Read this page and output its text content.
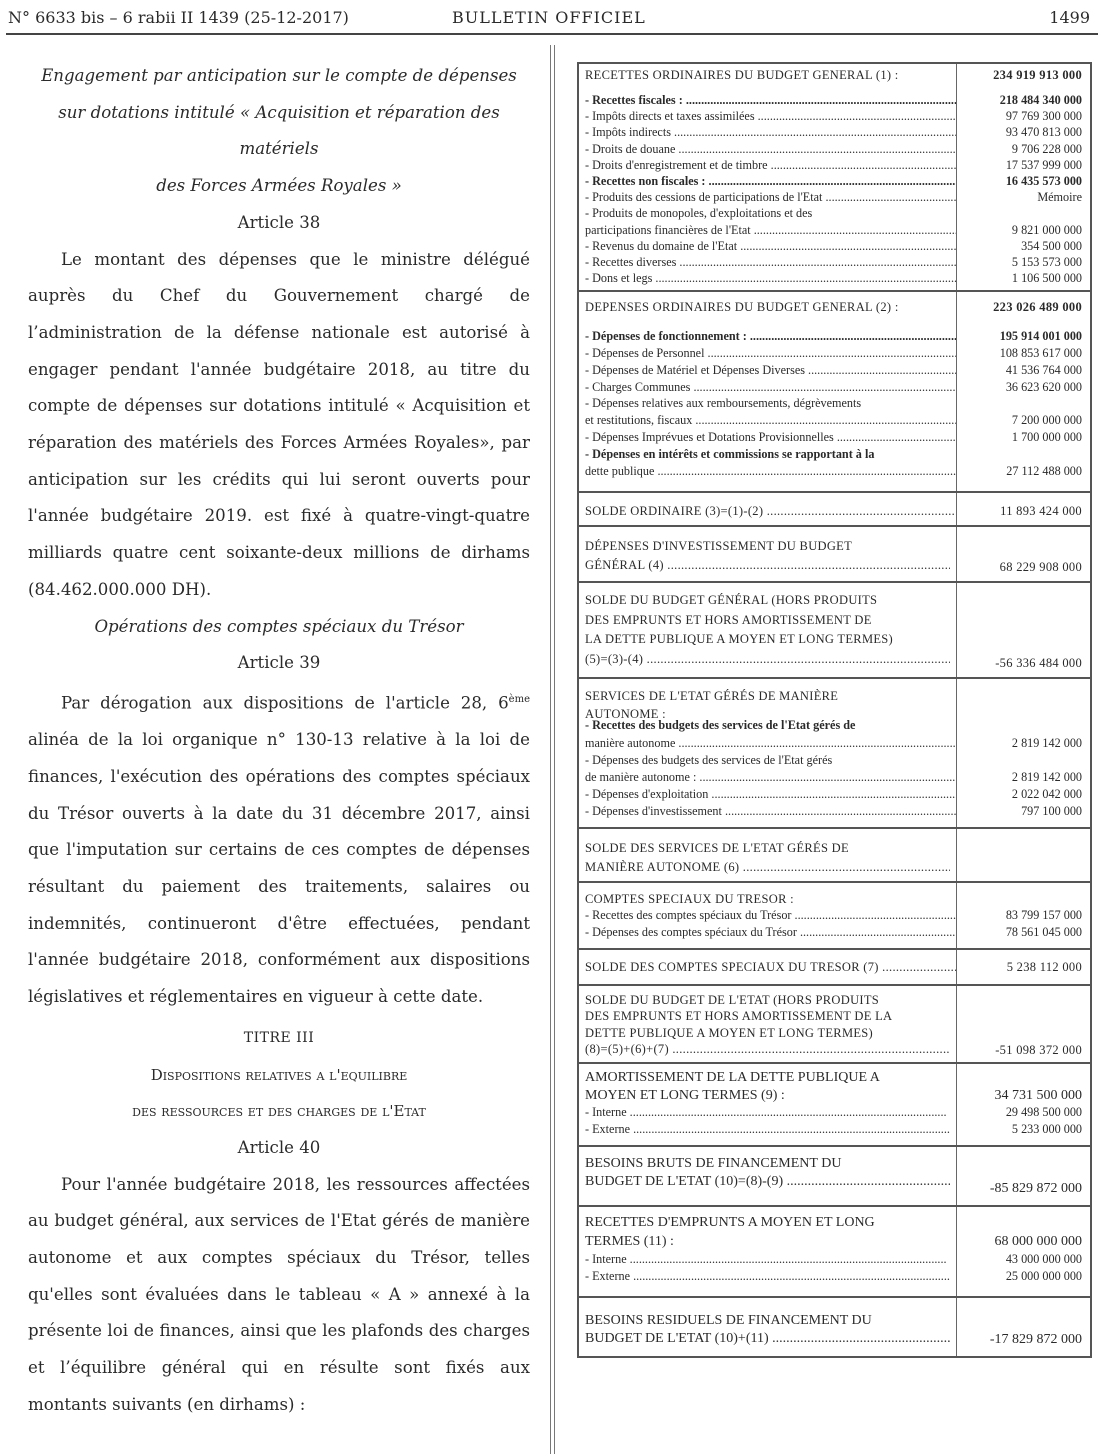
N° 6633 bis – 6 rabii II 1439 (25-12-2017)	BULLETIN OFFICIEL	1499

Engagement par anticipation sur le compte de dépenses

sur dotations intitulé « Acquisition et réparation des matériels

des Forces Armées Royales »

Article 38

Le montant des dépenses que le ministre délégué auprès du Chef du Gouvernement chargé de l’administration de la défense nationale est autorisé à engager pendant l'année budgétaire 2018, au titre du compte de dépenses sur dotations intitulé « Acquisition et réparation des matériels des Forces Armées Royales», par anticipation sur les crédits qui lui seront ouverts pour l'année budgétaire 2019. est fixé à quatre-vingt-quatre milliards quatre cent soixante-deux millions de dirhams (84.462.000.000 DH).

Opérations des comptes spéciaux du Trésor

Article 39

Par dérogation aux dispositions de l'article 28, 6ème alinéa de la loi organique n° 130-13 relative à la loi de finances, l'exécution des opérations des comptes spéciaux du Trésor ouverts à la date du 31 décembre 2017, ainsi que l'imputation sur certains de ces comptes de dépenses résultant du paiement des traitements, salaires ou indemnités, continueront d'être effectuées, pendant l'année budgétaire 2018, conformément aux dispositions législatives et réglementaires en vigueur à cette date.

TITRE III

Dispositions relatives a l'equilibre

des ressources et des charges de l'Etat

Article 40

Pour l'année budgétaire 2018, les ressources affectées au budget général, aux services de l'Etat gérés de manière autonome et aux comptes spéciaux du Trésor, telles qu'elles sont évaluées dans le tableau « A » annexé à la présente loi de finances, ainsi que les plafonds des charges et l’équilibre général qui en résulte sont fixés aux montants suivants (en dirhams) :

RECETTES ORDINAIRES DU BUDGET GENERAL (1) :	234 919 913 000
- Recettes fiscales : .....	218 484 340 000
- Impôts directs et taxes assimilées .....	97 769 300 000
- Impôts indirects .....	93 470 813 000
- Droits de douane .....	9 706 228 000
- Droits d'enregistrement et de timbre .....	17 537 999 000
- Recettes non fiscales : .....	16 435 573 000
- Produits des cessions de participations de l'Etat .....	Mémoire
- Produits de monopoles, d'exploitations et des
participations financières de l'Etat .....	9 821 000 000
- Revenus du domaine de l'Etat .....	354 500 000
- Recettes diverses .....	5 153 573 000
- Dons et legs .....	1 106 500 000
DEPENSES ORDINAIRES DU BUDGET GENERAL (2) :	223 026 489 000
- Dépenses de fonctionnement : .....	195 914 001 000
- Dépenses de Personnel .....	108 853 617 000
- Dépenses de Matériel et Dépenses Diverses .....	41 536 764 000
- Charges Communes .....	36 623 620 000
- Dépenses relatives aux remboursements, dégrèvements
et restitutions, fiscaux .....	7 200 000 000
- Dépenses Imprévues et Dotations Provisionnelles .....	1 700 000 000
- Dépenses en intérêts et commissions se rapportant à la
dette publique .....	27 112 488 000
SOLDE ORDINAIRE (3)=(1)-(2) .....	11 893 424 000
DÉPENSES D'INVESTISSEMENT DU BUDGET
GÉNÉRAL (4) .....	68 229 908 000
SOLDE DU BUDGET GÉNÉRAL (HORS PRODUITS
DES EMPRUNTS ET HORS AMORTISSEMENT DE
LA DETTE PUBLIQUE A MOYEN ET LONG TERMES)
(5)=(3)-(4) .....	-56 336 484 000
SERVICES DE L'ETAT GÉRÉS DE MANIÈRE
AUTONOME :
- Recettes des budgets des services de l'Etat gérés de
manière autonome .....	2 819 142 000
- Dépenses des budgets des services de l'Etat gérés
de manière autonome : .....	2 819 142 000
- Dépenses d'exploitation .....	2 022 042 000
- Dépenses d'investissement .....	797 100 000
SOLDE DES SERVICES DE L'ETAT GÉRÉS DE
MANIÈRE AUTONOME (6) .....
COMPTES SPECIAUX DU TRESOR :
- Recettes des comptes spéciaux du Trésor .....	83 799 157 000
- Dépenses des comptes spéciaux du Trésor .....	78 561 045 000
SOLDE DES COMPTES SPECIAUX DU TRESOR (7) .....	5 238 112 000
SOLDE DU BUDGET DE L'ETAT (HORS PRODUITS
DES EMPRUNTS ET HORS AMORTISSEMENT DE LA
DETTE PUBLIQUE A MOYEN ET LONG TERMES)
(8)=(5)+(6)+(7) .....	-51 098 372 000
AMORTISSEMENT DE LA DETTE PUBLIQUE A
MOYEN ET LONG TERMES (9) :	34 731 500 000
- Interne .....	29 498 500 000
- Externe .....	5 233 000 000
BESOINS BRUTS DE FINANCEMENT DU
BUDGET DE L'ETAT (10)=(8)-(9) .....	-85 829 872 000
RECETTES D'EMPRUNTS A MOYEN ET LONG
TERMES (11) :	68 000 000 000
- Interne .....	43 000 000 000
- Externe .....	25 000 000 000
BESOINS RESIDUELS DE FINANCEMENT DU
BUDGET DE L'ETAT (10)+(11) .....	-17 829 872 000
